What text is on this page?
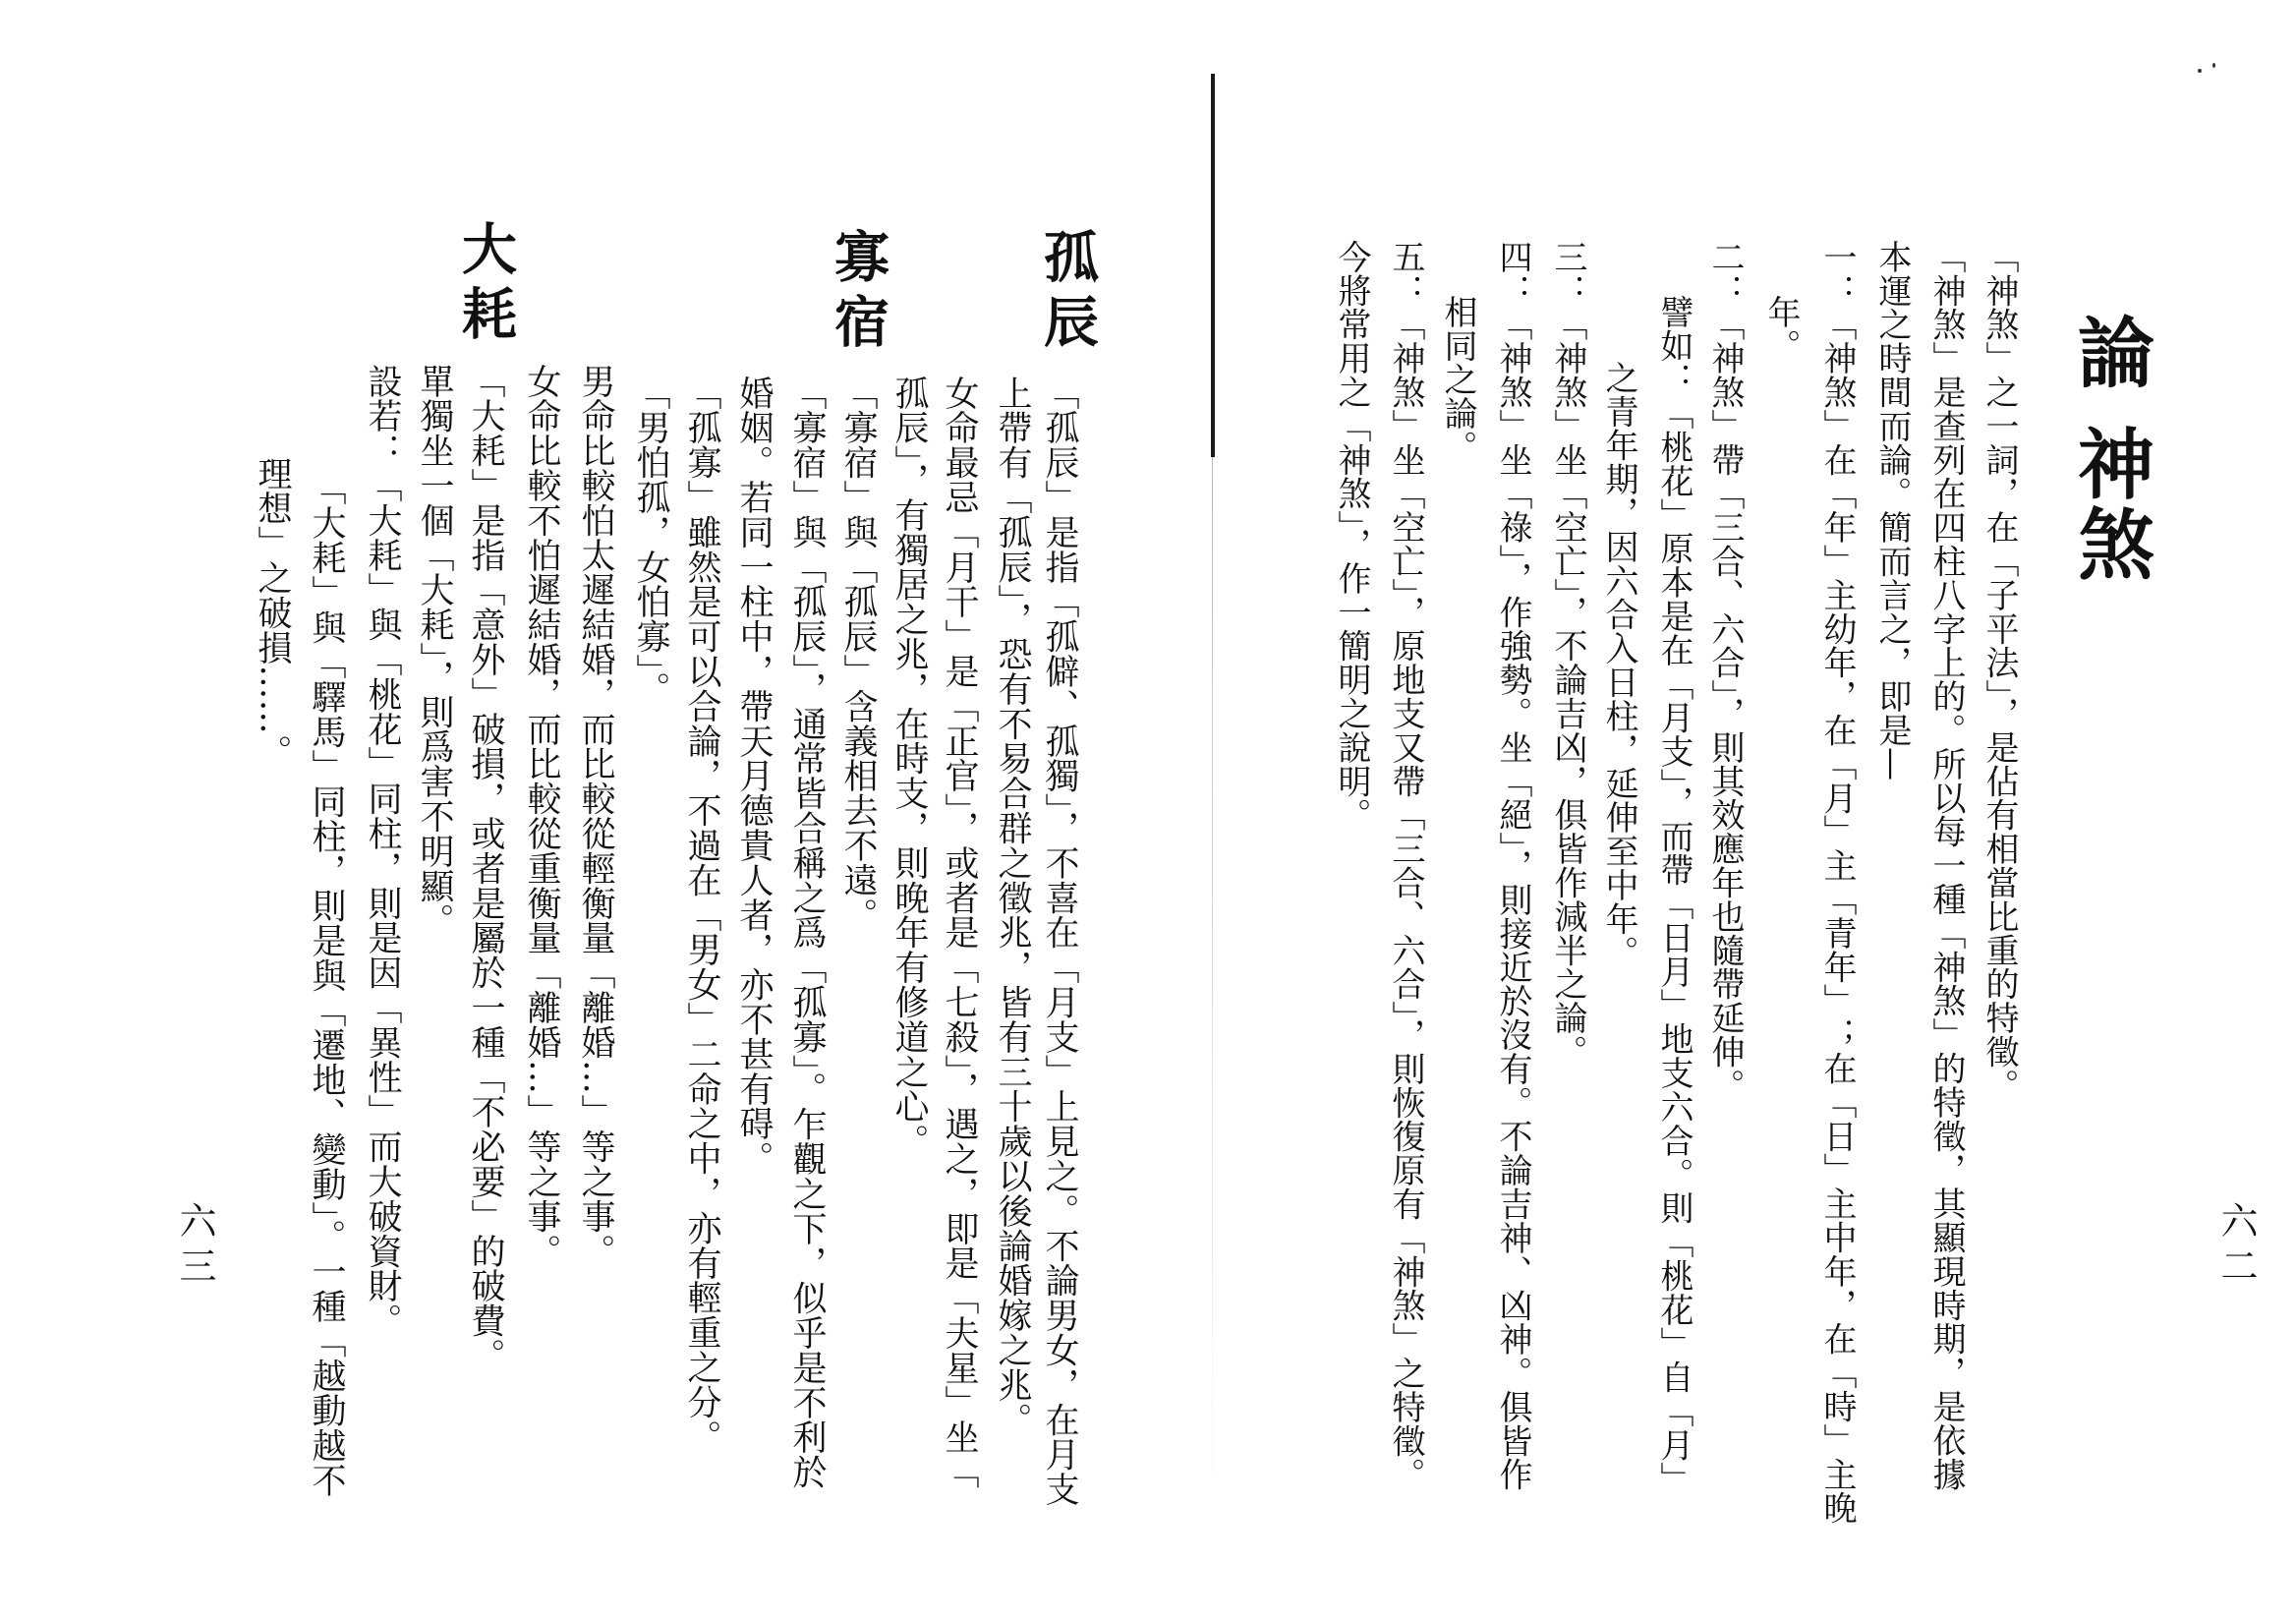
論 神煞
「神煞」之一詞，在「子平法」，是佔有相當比重的特徵。
「神煞」是查列在四柱八字上的。所以每一種「神煞」的特徵，其顯現時期，是依據
本運之時間而論。簡而言之，即是—
一：「神煞」在「年」主幼年，在「月」主「青年」；在「日」主中年，在「時」主晚
年。
二：「神煞」帶「三合、六合」，則其效應年也隨帶延伸。
譬如：「桃花」原本是在「月支」，而帶「日月」地支六合。則「桃花」自「月」
之青年期，因六合入日柱，延伸至中年。
三：「神煞」坐「空亡」，不論吉凶，俱皆作減半之論。
四：「神煞」坐「祿」，作強勢。坐「絕」，則接近於沒有。不論吉神、凶神。俱皆作
相同之論。
五：「神煞」坐「空亡」，原地支又帶「三合、六合」，則恢復原有「神煞」之特徵。
今將常用之「神煞」，作一簡明之說明。
六二
孤辰
「孤辰」是指「孤僻、孤獨」，不喜在「月支」上見之。不論男女，在月支
上帶有「孤辰」，恐有不易合群之徵兆，皆有三十歲以後論婚嫁之兆。
女命最忌「月干」是「正官」，或者是「七殺」，遇之，即是「夫星」坐「
孤辰」，有獨居之兆，在時支，則晚年有修道之心。
寡宿
「寡宿」與「孤辰」含義相去不遠。
「寡宿」與「孤辰」，通常皆合稱之爲「孤寡」。乍觀之下，似乎是不利於
婚姻。若同一柱中，帶天月德貴人者，亦不甚有碍。
「孤寡」雖然是可以合論，不過在「男女」二命之中，亦有輕重之分。
「男怕孤，女怕寡」。
男命比較怕太遲結婚，而比較從輕衡量「離婚…」等之事。
女命比較不怕遲結婚，而比較從重衡量「離婚…」等之事。
大耗
「大耗」是指「意外」破損，或者是屬於一種「不必要」的破費。
單獨坐一個「大耗」，則爲害不明顯。
設若：「大耗」與「桃花」同柱，則是因「異性」而大破資財。
「大耗」與「驛馬」同柱，則是與「遷地、變動」。一種「越動越不
理想」之破損……。
六三
